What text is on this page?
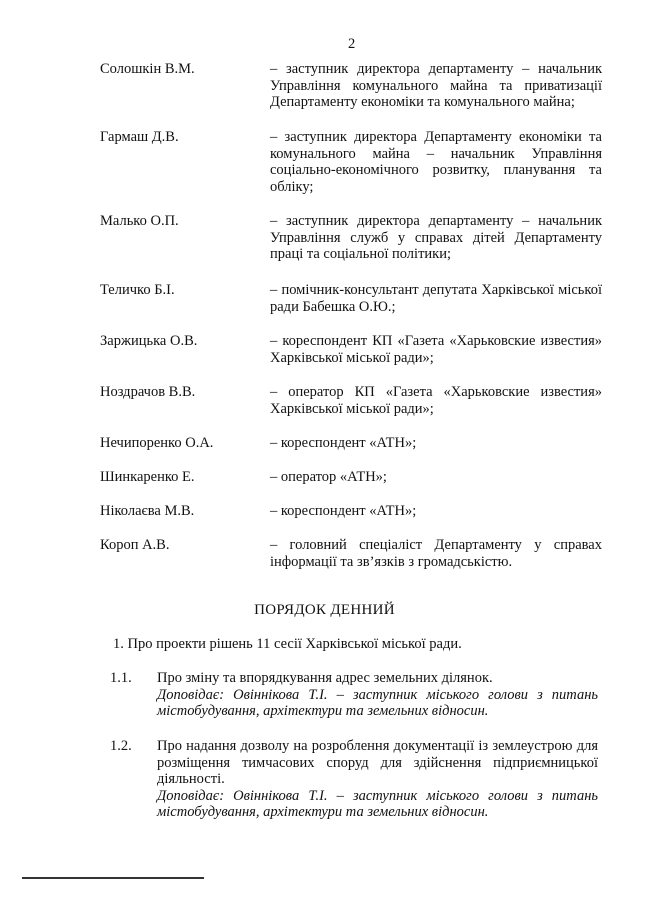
2
Солошкін В.М.	– заступник директора департаменту – начальник Управління комунального майна та приватизації Департаменту економіки та комунального майна;
Гармаш Д.В.	– заступник директора Департаменту економіки та комунального майна – начальник Управління соціально-економічного розвитку, планування та обліку;
Малько О.П.	– заступник директора департаменту – начальник Управління служб у справах дітей Департаменту праці та соціальної політики;
Теличко Б.І.	– помічник-консультант депутата Харківської міської ради Бабешка О.Ю.;
Заржицька О.В.	– кореспондент КП «Газета «Харьковские известия» Харківської міської ради»;
Ноздрачов В.В.	– оператор КП «Газета «Харьковские известия» Харківської міської ради»;
Нечипоренко О.А.	– кореспондент «АТН»;
Шинкаренко Е.	– оператор «АТН»;
Ніколаєва М.В.	– кореспондент «АТН»;
Короп А.В.	– головний спеціаліст Департаменту у справах інформації та зв’язків з громадськістю.
ПОРЯДОК ДЕННИЙ
1. Про проекти рішень 11 сесії Харківської міської ради.
1.1. Про зміну та впорядкування адрес земельних ділянок.
Доповідає: Овіннікова Т.І. – заступник міського голови з питань містобудування, архітектури та земельних відносин.
1.2. Про надання дозволу на розроблення документації із землеустрою для розміщення тимчасових споруд для здійснення підприємницької діяльності.
Доповідає: Овіннікова Т.І. – заступник міського голови з питань містобудування, архітектури та земельних відносин.
